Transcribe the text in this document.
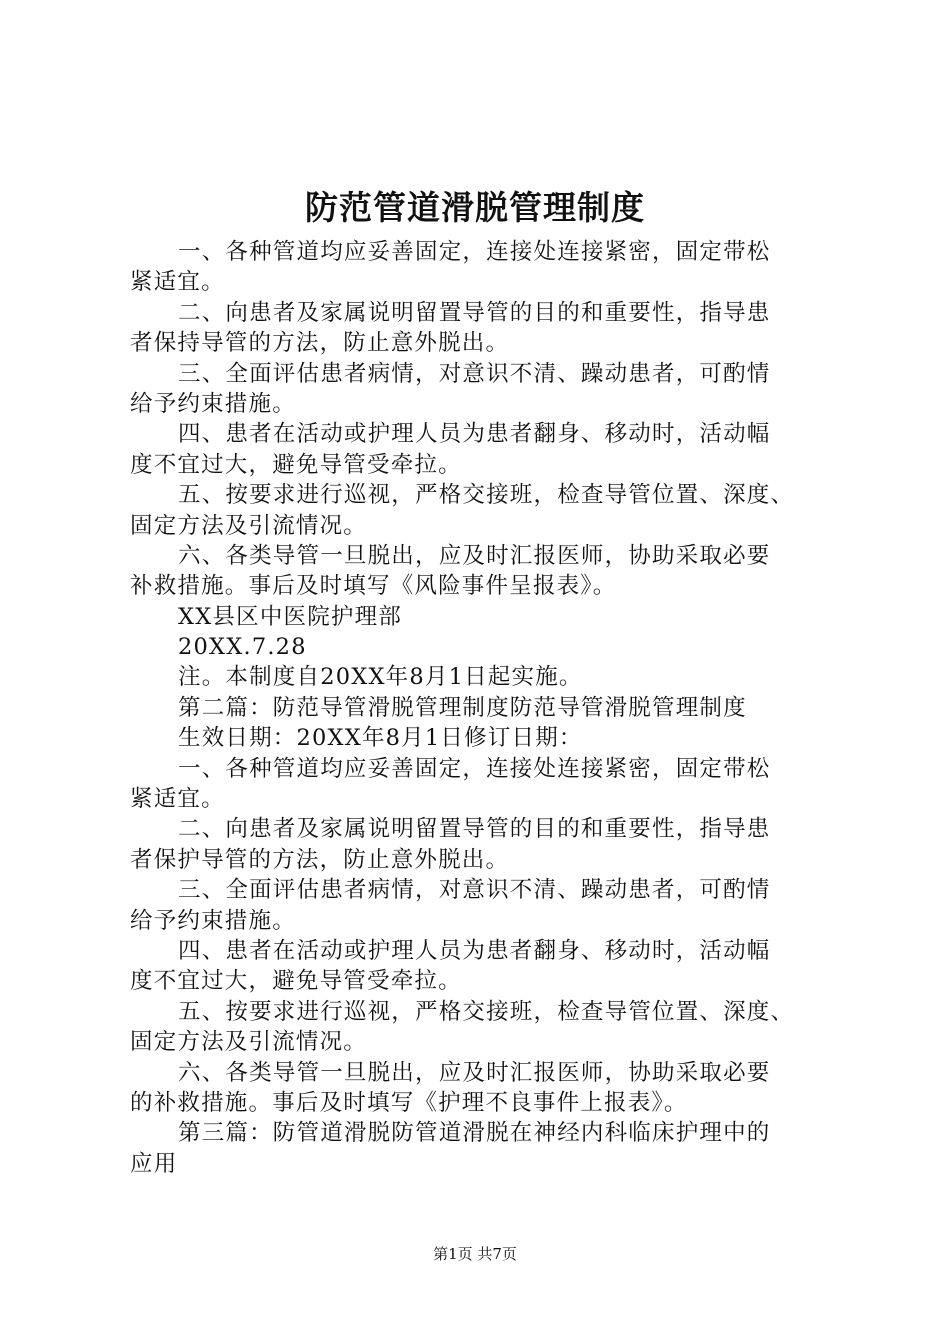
防范管道滑脱管理制度
一、各种管道均应妥善固定，连接处连接紧密，固定带松
紧适宜。
二、向患者及家属说明留置导管的目的和重要性，指导患
者保持导管的方法，防止意外脱出。
三、全面评估患者病情，对意识不清、躁动患者，可酌情
给予约束措施。
四、患者在活动或护理人员为患者翻身、移动时，活动幅
度不宜过大，避免导管受牵拉。
五、按要求进行巡视，严格交接班，检查导管位置、深度、
固定方法及引流情况。
六、各类导管一旦脱出，应及时汇报医师，协助采取必要
补救措施。事后及时填写《风险事件呈报表》。
XX县区中医院护理部
20XX.7.28
注。本制度自20XX年8月1日起实施。
第二篇：防范导管滑脱管理制度防范导管滑脱管理制度
生效日期：20XX年8月1日修订日期：
一、各种管道均应妥善固定，连接处连接紧密，固定带松
紧适宜。
二、向患者及家属说明留置导管的目的和重要性，指导患
者保护导管的方法，防止意外脱出。
三、全面评估患者病情，对意识不清、躁动患者，可酌情
给予约束措施。
四、患者在活动或护理人员为患者翻身、移动时，活动幅
度不宜过大，避免导管受牵拉。
五、按要求进行巡视，严格交接班，检查导管位置、深度、
固定方法及引流情况。
六、各类导管一旦脱出，应及时汇报医师，协助采取必要
的补救措施。事后及时填写《护理不良事件上报表》。
第三篇：防管道滑脱防管道滑脱在神经内科临床护理中的
应用
第1页 共7页
